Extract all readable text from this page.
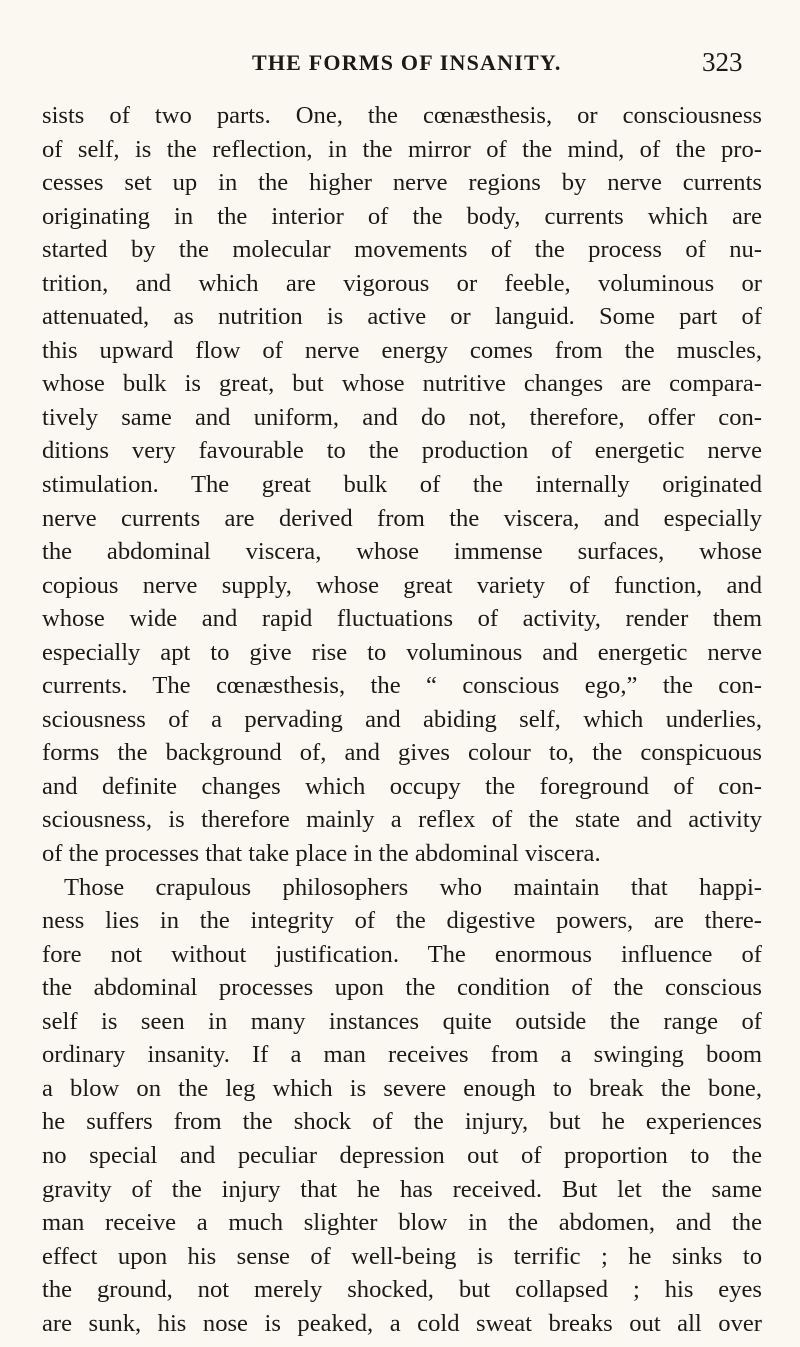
THE FORMS OF INSANITY.	323
sists of two parts. One, the cœnæsthesis, or consciousness
of self, is the reflection, in the mirror of the mind, of the pro-
cesses set up in the higher nerve regions by nerve currents
originating in the interior of the body, currents which are
started by the molecular movements of the process of nu-
trition, and which are vigorous or feeble, voluminous or
attenuated, as nutrition is active or languid. Some part of
this upward flow of nerve energy comes from the muscles,
whose bulk is great, but whose nutritive changes are compara-
tively same and uniform, and do not, therefore, offer con-
ditions very favourable to the production of energetic nerve
stimulation. The great bulk of the internally originated
nerve currents are derived from the viscera, and especially
the abdominal viscera, whose immense surfaces, whose
copious nerve supply, whose great variety of function, and
whose wide and rapid fluctuations of activity, render them
especially apt to give rise to voluminous and energetic nerve
currents. The cœnæsthesis, the “ conscious ego,” the con-
sciousness of a pervading and abiding self, which underlies,
forms the background of, and gives colour to, the conspicuous
and definite changes which occupy the foreground of con-
sciousness, is therefore mainly a reflex of the state and activity
of the processes that take place in the abdominal viscera.
Those crapulous philosophers who maintain that happi-
ness lies in the integrity of the digestive powers, are there-
fore not without justification. The enormous influence of
the abdominal processes upon the condition of the conscious
self is seen in many instances quite outside the range of
ordinary insanity. If a man receives from a swinging boom
a blow on the leg which is severe enough to break the bone,
he suffers from the shock of the injury, but he experiences
no special and peculiar depression out of proportion to the
gravity of the injury that he has received. But let the same
man receive a much slighter blow in the abdomen, and the
effect upon his sense of well-being is terrific ; he sinks to
the ground, not merely shocked, but collapsed ; his eyes
are sunk, his nose is peaked, a cold sweat breaks out all over
